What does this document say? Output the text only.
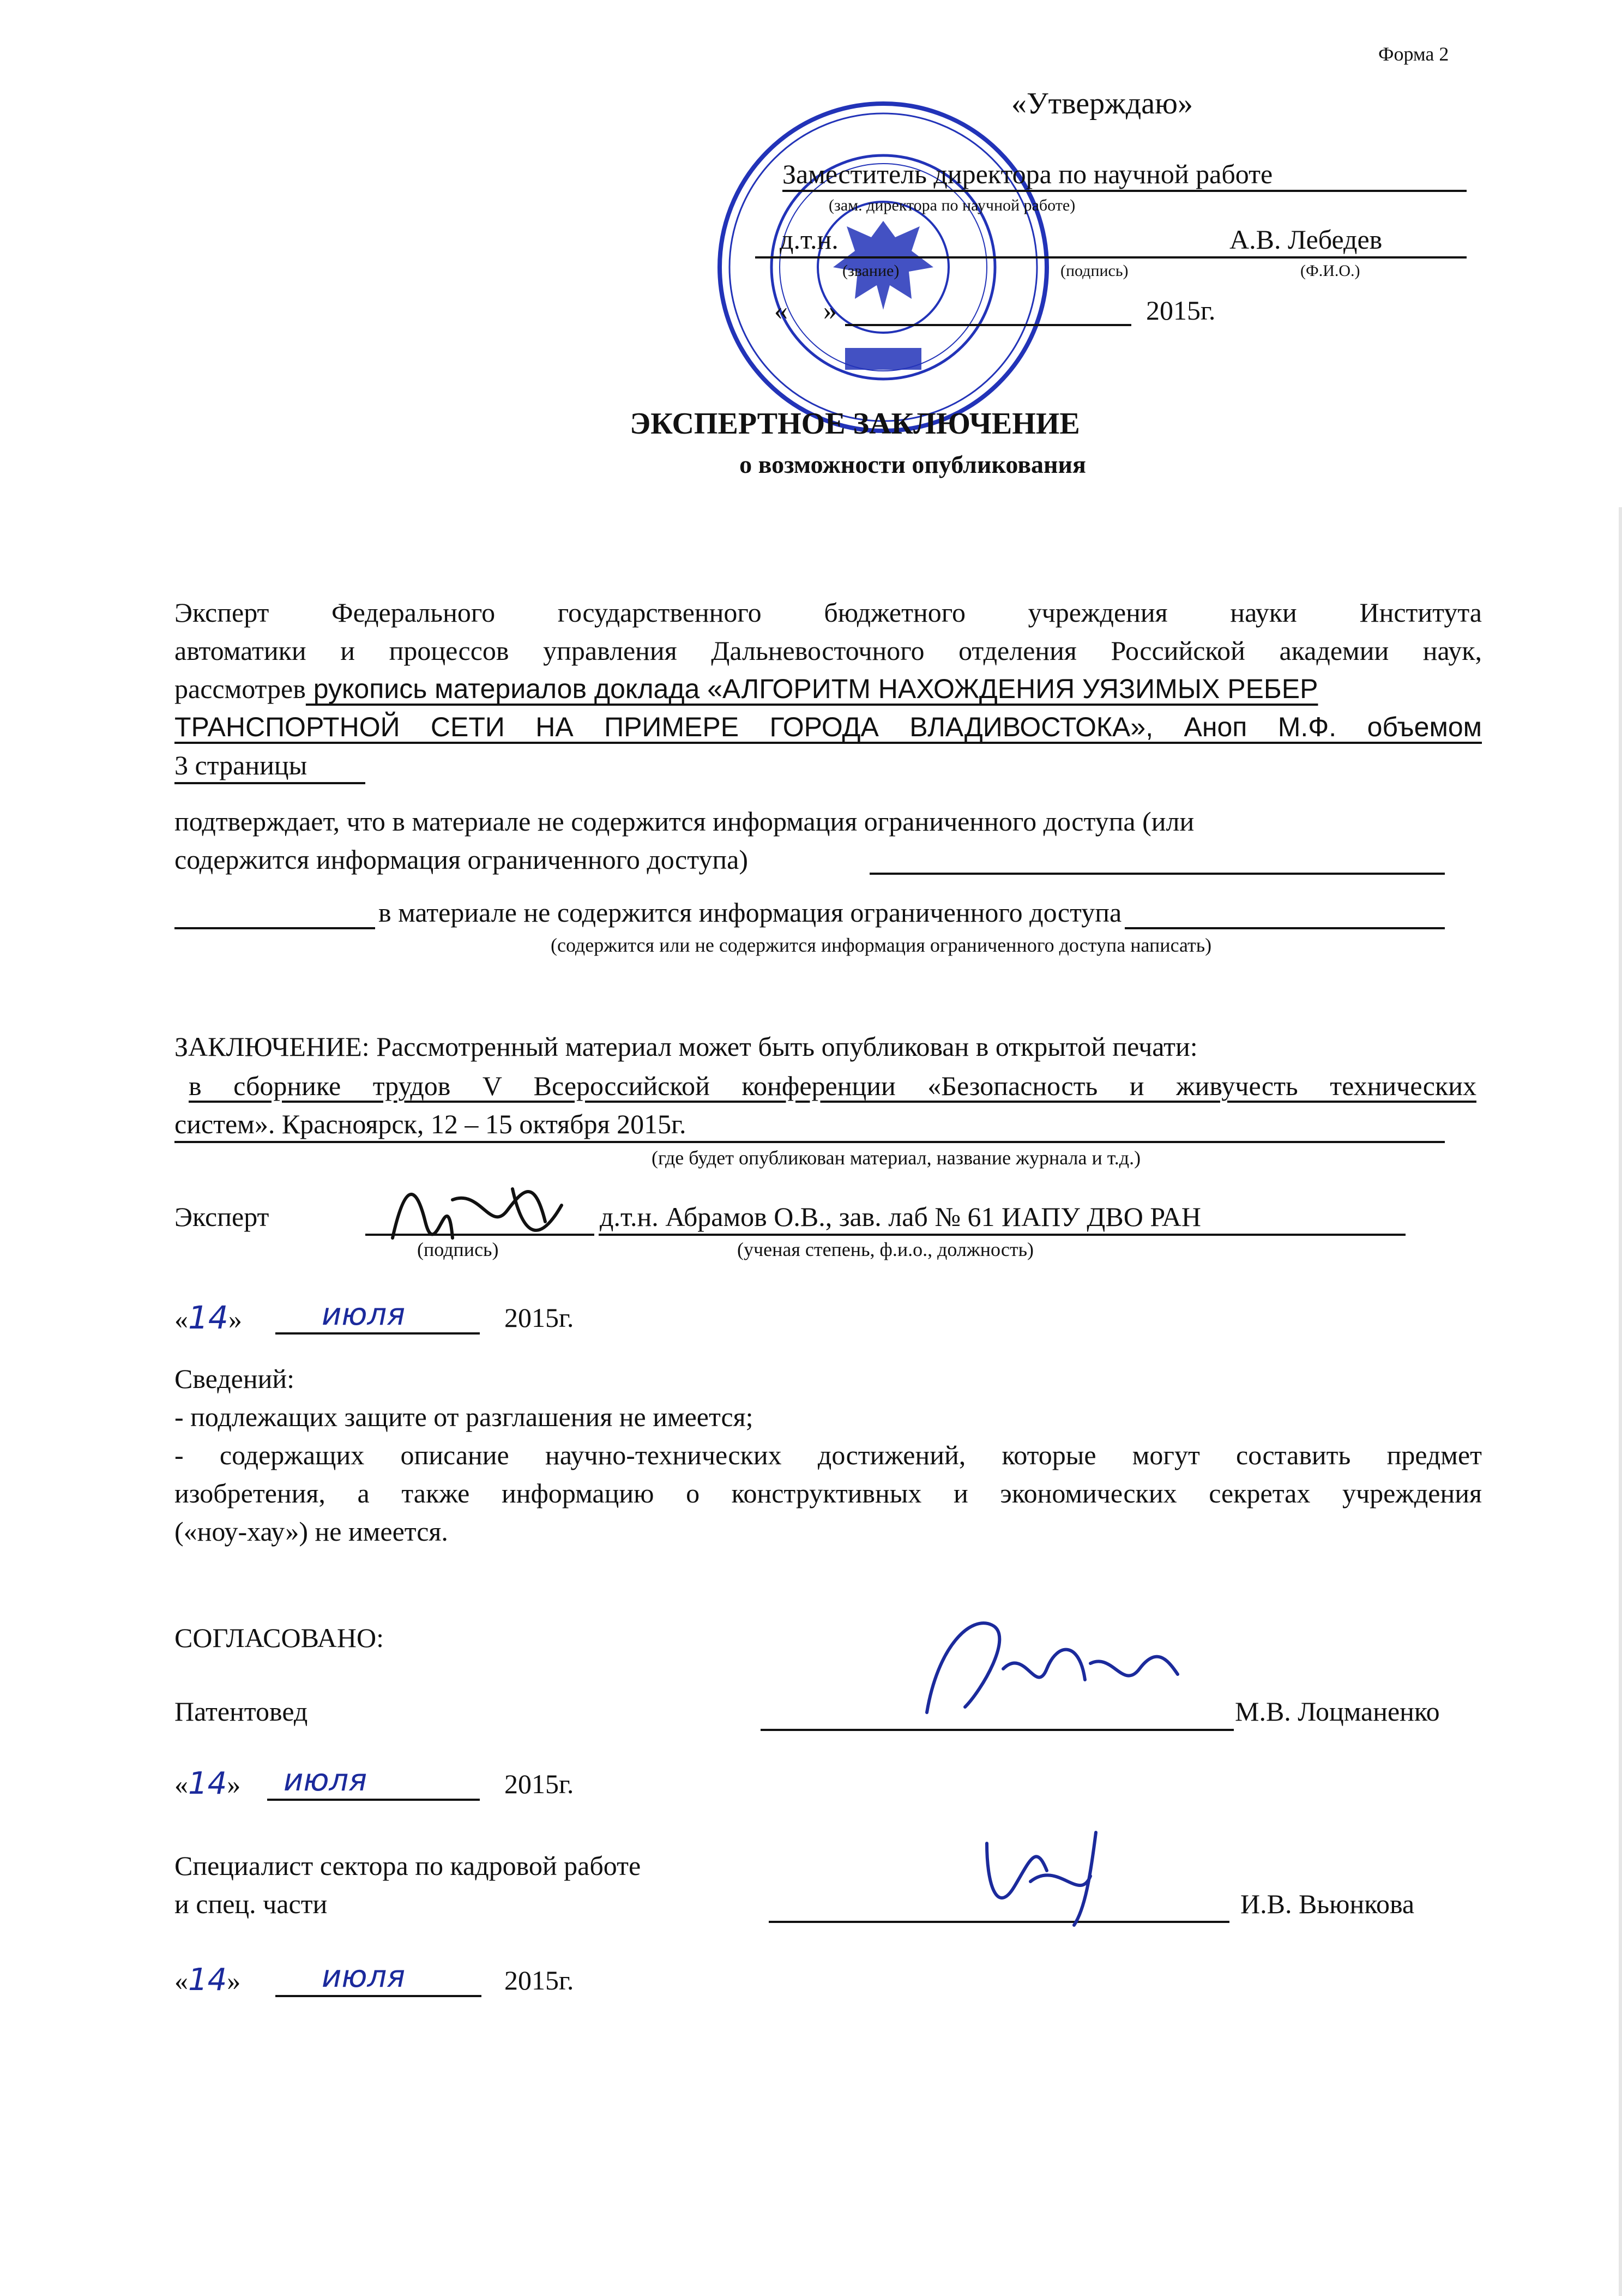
Форма 2
«Утверждаю»
Заместитель директора по научной работе
(зам. директора по научной работе)
д.т.н.	А.В. Лебедев
(звание)	(подпись)	(Ф.И.О.)
« »	2015г.
ЭКСПЕРТНОЕ ЗАКЛЮЧЕНИЕ
о возможности опубликования
Эксперт Федерального государственного бюджетного учреждения науки Института
автоматики и процессов управления Дальневосточного отделения Российской академии наук,
рассмотрев рукопись материалов доклада «АЛГОРИТМ НАХОЖДЕНИЯ УЯЗИМЫХ РЕБЕР
ТРАНСПОРТНОЙ СЕТИ НА ПРИМЕРЕ ГОРОДА ВЛАДИВОСТОКА», Аноп М.Ф. объемом
3 страницы
подтверждает, что в материале не содержится информация ограниченного доступа (или
содержится информация ограниченного доступа)
в материале не содержится информация ограниченного доступа
(содержится или не содержится информация ограниченного доступа написать)
ЗАКЛЮЧЕНИЕ: Рассмотренный материал может быть опубликован в открытой печати:
в сборнике трудов V Всероссийской конференции «Безопасность и живучесть технических
систем». Красноярск, 12 – 15 октября 2015г.
(где будет опубликован материал, название журнала и т.д.)
Эксперт	д.т.н. Абрамов О.В., зав. лаб № 61 ИАПУ ДВО РАН
(подпись)	(ученая степень, ф.и.о., должность)
«14»	июля	2015г.
Сведений:
- подлежащих защите от разглашения не имеется;
- содержащих описание научно-технических достижений, которые могут составить предмет
изобретения, а также информацию о конструктивных и экономических секретах учреждения
(«ноу-хау») не имеется.
СОГЛАСОВАНО:
Патентовед	М.В. Лоцманенко
«14» июля	2015г.
Специалист сектора по кадровой работе
и спец. части	И.В. Вьюнкова
«14»	июля	2015г.
